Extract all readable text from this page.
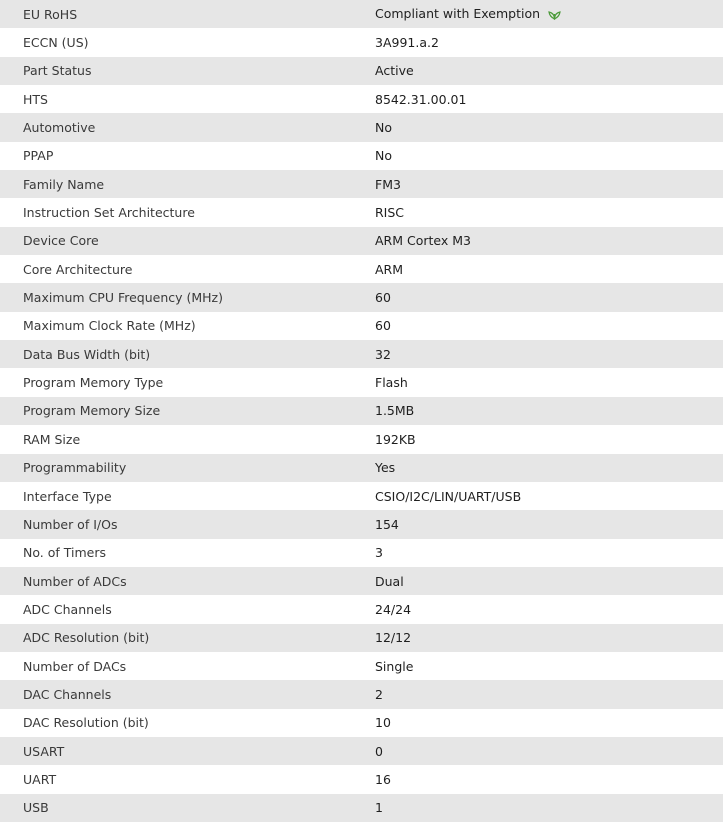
EU RoHS	Compliant with Exemption
ECCN (US)	3A991.a.2
Part Status	Active
HTS	8542.31.00.01
Automotive	No
PPAP	No
Family Name	FM3
Instruction Set Architecture	RISC
Device Core	ARM Cortex M3
Core Architecture	ARM
Maximum CPU Frequency (MHz)	60
Maximum Clock Rate (MHz)	60
Data Bus Width (bit)	32
Program Memory Type	Flash
Program Memory Size	1.5MB
RAM Size	192KB
Programmability	Yes
Interface Type	CSIO/I2C/LIN/UART/USB
Number of I/Os	154
No. of Timers	3
Number of ADCs	Dual
ADC Channels	24/24
ADC Resolution (bit)	12/12
Number of DACs	Single
DAC Channels	2
DAC Resolution (bit)	10
USART	0
UART	16
USB	1
